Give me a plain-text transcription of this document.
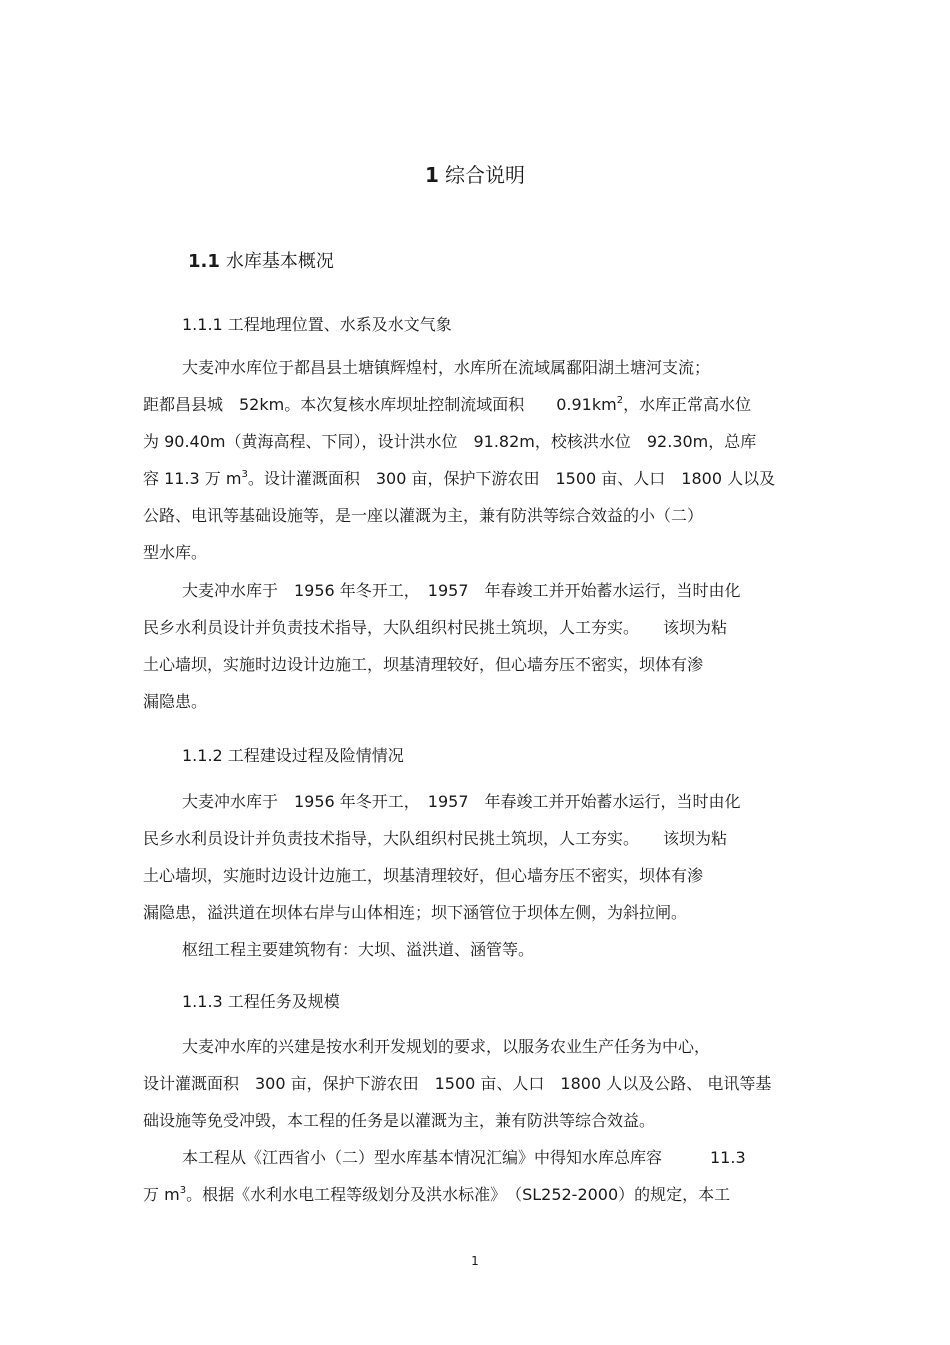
1 综合说明
1.1 水库基本概况
1.1.1 工程地理位置、水系及水文气象
大麦冲水库位于都昌县土塘镇辉煌村，水库所在流域属鄱阳湖土塘河支流；
距都昌县城　52km。本次复核水库坝址控制流域面积　　$0.91km^2$，水库正常高水位
为 90.40m（黄海高程、下同），设计洪水位　91.82m，校核洪水位　92.30m，总库
容 11.3 万 $m^3$。设计灌溉面积　300 亩，保护下游农田　1500 亩、人口　1800 人以及
公路、电讯等基础设施等，是一座以灌溉为主，兼有防洪等综合效益的小（二）
型水库。
大麦冲水库于　1956 年冬开工，　1957　年春竣工并开始蓄水运行，当时由化
民乡水利员设计并负责技术指导，大队组织村民挑土筑坝，人工夯实。　　该坝为粘
土心墙坝，实施时边设计边施工，坝基清理较好，但心墙夯压不密实，坝体有渗
漏隐患。
1.1.2 工程建设过程及险情情况
大麦冲水库于　1956 年冬开工，　1957　年春竣工并开始蓄水运行，当时由化
民乡水利员设计并负责技术指导，大队组织村民挑土筑坝，人工夯实。　　该坝为粘
土心墙坝，实施时边设计边施工，坝基清理较好，但心墙夯压不密实，坝体有渗
漏隐患，溢洪道在坝体右岸与山体相连；坝下涵管位于坝体左侧，为斜拉闸。
枢纽工程主要建筑物有：大坝、溢洪道、涵管等。
1.1.3 工程任务及规模
大麦冲水库的兴建是按水利开发规划的要求，以服务农业生产任务为中心，
设计灌溉面积　300 亩，保护下游农田　1500 亩、人口　1800 人以及公路、 电讯等基
础设施等免受冲毁，本工程的任务是以灌溉为主，兼有防洪等综合效益。
本工程从《江西省小（二）型水库基本情况汇编》中得知水库总库容　　　11.3
万 $m^3$。根据《水利水电工程等级划分及洪水标准》　（SL252-2000）的规定，本工
1
